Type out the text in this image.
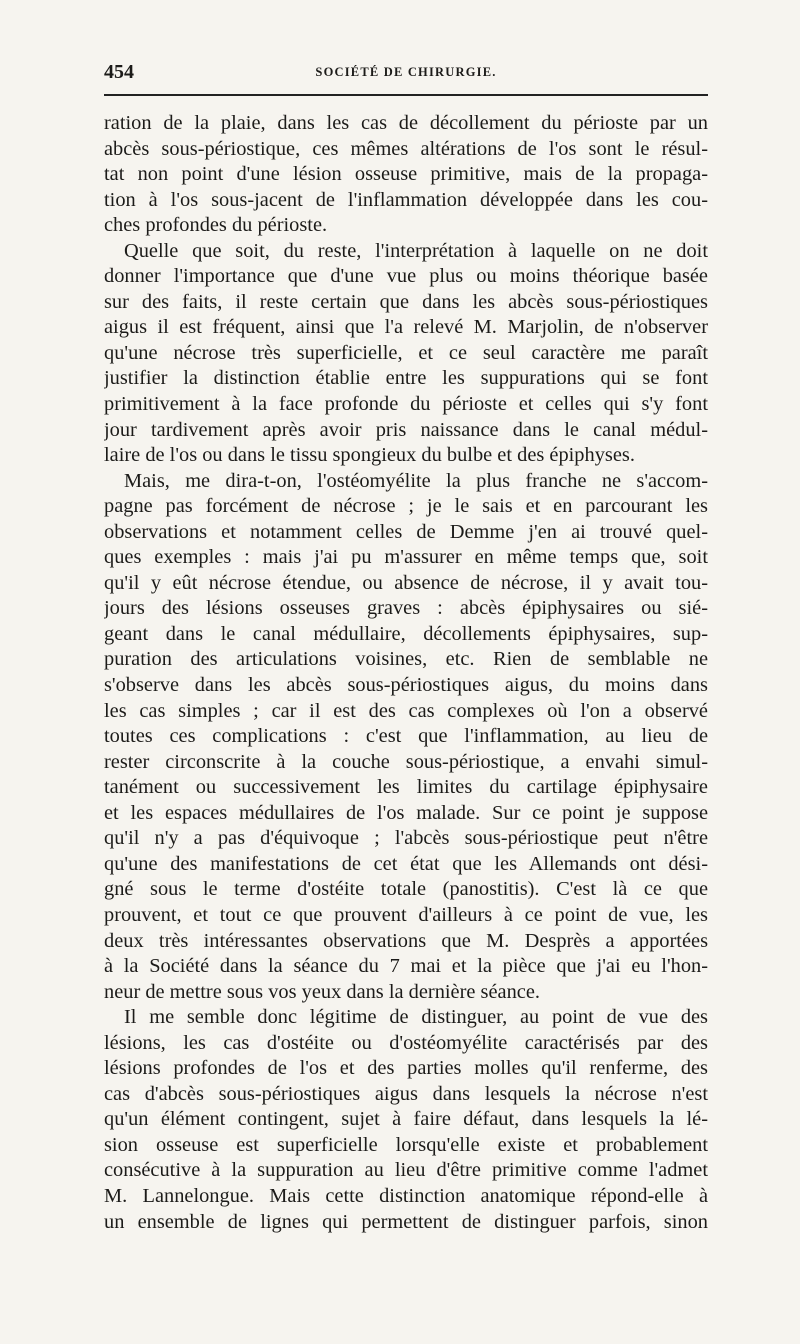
454	SOCIÉTÉ DE CHIRURGIE.
ration de la plaie, dans les cas de décollement du périoste par un
abcès sous-périostique, ces mêmes altérations de l'os sont le résul-
tat non point d'une lésion osseuse primitive, mais de la propaga-
tion à l'os sous-jacent de l'inflammation développée dans les cou-
ches profondes du périoste.
Quelle que soit, du reste, l'interprétation à laquelle on ne doit
donner l'importance que d'une vue plus ou moins théorique basée
sur des faits, il reste certain que dans les abcès sous-périostiques
aigus il est fréquent, ainsi que l'a relevé M. Marjolin, de n'observer
qu'une nécrose très superficielle, et ce seul caractère me paraît
justifier la distinction établie entre les suppurations qui se font
primitivement à la face profonde du périoste et celles qui s'y font
jour tardivement après avoir pris naissance dans le canal médul-
laire de l'os ou dans le tissu spongieux du bulbe et des épiphyses.
Mais, me dira-t-on, l'ostéomyélite la plus franche ne s'accom-
pagne pas forcément de nécrose ; je le sais et en parcourant les
observations et notamment celles de Demme j'en ai trouvé quel-
ques exemples : mais j'ai pu m'assurer en même temps que, soit
qu'il y eût nécrose étendue, ou absence de nécrose, il y avait tou-
jours des lésions osseuses graves : abcès épiphysaires ou sié-
geant dans le canal médullaire, décollements épiphysaires, sup-
puration des articulations voisines, etc. Rien de semblable ne
s'observe dans les abcès sous-périostiques aigus, du moins dans
les cas simples ; car il est des cas complexes où l'on a observé
toutes ces complications : c'est que l'inflammation, au lieu de
rester circonscrite à la couche sous-périostique, a envahi simul-
tanément ou successivement les limites du cartilage épiphysaire
et les espaces médullaires de l'os malade. Sur ce point je suppose
qu'il n'y a pas d'équivoque ; l'abcès sous-périostique peut n'être
qu'une des manifestations de cet état que les Allemands ont dési-
gné sous le terme d'ostéite totale (panostitis). C'est là ce que
prouvent, et tout ce que prouvent d'ailleurs à ce point de vue, les
deux très intéressantes observations que M. Desprès a apportées
à la Société dans la séance du 7 mai et la pièce que j'ai eu l'hon-
neur de mettre sous vos yeux dans la dernière séance.
Il me semble donc légitime de distinguer, au point de vue des
lésions, les cas d'ostéite ou d'ostéomyélite caractérisés par des
lésions profondes de l'os et des parties molles qu'il renferme, des
cas d'abcès sous-périostiques aigus dans lesquels la nécrose n'est
qu'un élément contingent, sujet à faire défaut, dans lesquels la lé-
sion osseuse est superficielle lorsqu'elle existe et probablement
consécutive à la suppuration au lieu d'être primitive comme l'admet
M. Lannelongue. Mais cette distinction anatomique répond-elle à
un ensemble de lignes qui permettent de distinguer parfois, sinon
